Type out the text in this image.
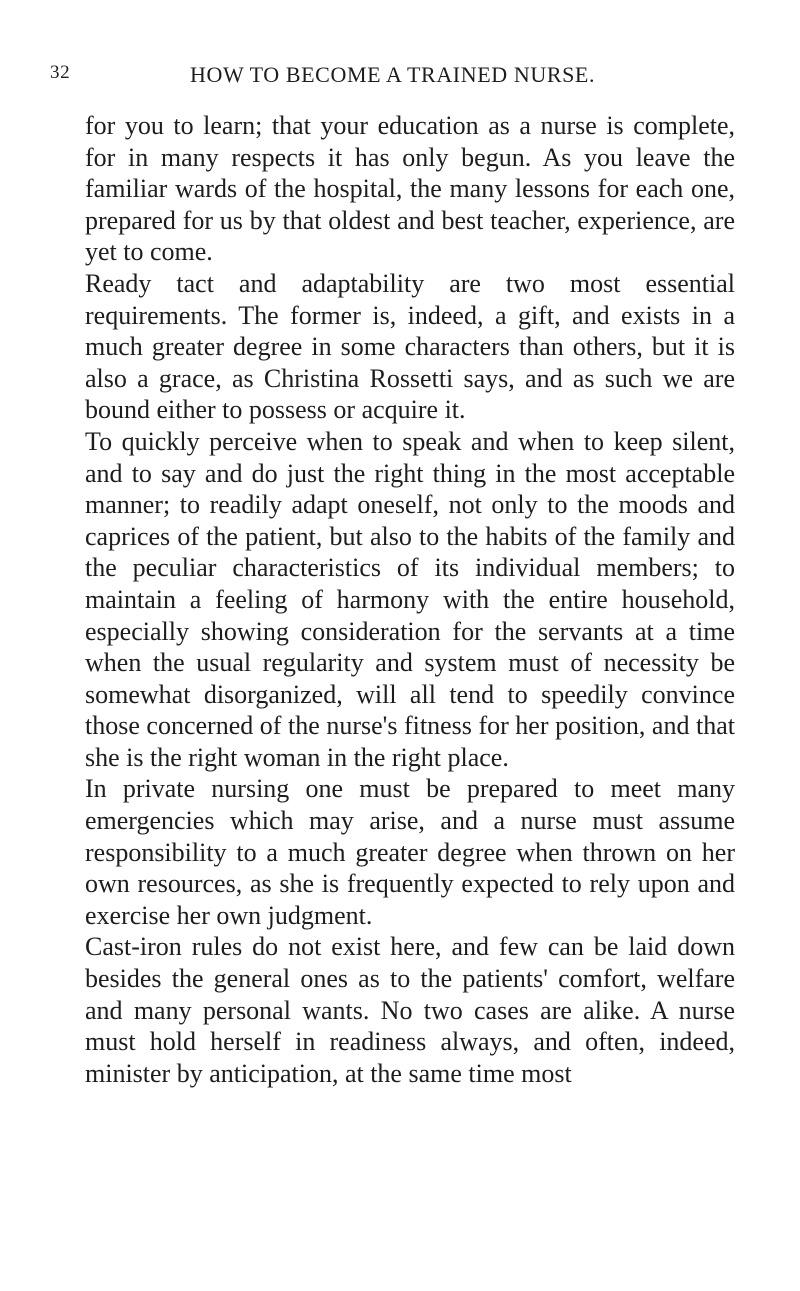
32	HOW TO BECOME A TRAINED NURSE.

for you to learn; that your education as a nurse is complete, for in many respects it has only begun. As you leave the familiar wards of the hospital, the many lessons for each one, prepared for us by that oldest and best teacher, experience, are yet to come.

Ready tact and adaptability are two most essential requirements. The former is, indeed, a gift, and exists in a much greater degree in some characters than others, but it is also a grace, as Christina Rossetti says, and as such we are bound either to possess or acquire it.

To quickly perceive when to speak and when to keep silent, and to say and do just the right thing in the most acceptable manner; to readily adapt oneself, not only to the moods and caprices of the patient, but also to the habits of the family and the peculiar characteristics of its individual members; to maintain a feeling of harmony with the entire household, especially showing consideration for the servants at a time when the usual regularity and system must of necessity be somewhat disorganized, will all tend to speedily convince those concerned of the nurse's fitness for her position, and that she is the right woman in the right place.

In private nursing one must be prepared to meet many emergencies which may arise, and a nurse must assume responsibility to a much greater degree when thrown on her own resources, as she is frequently expected to rely upon and exercise her own judgment.

Cast-iron rules do not exist here, and few can be laid down besides the general ones as to the patients' comfort, welfare and many personal wants. No two cases are alike. A nurse must hold herself in readiness always, and often, indeed, minister by anticipation, at the same time most
